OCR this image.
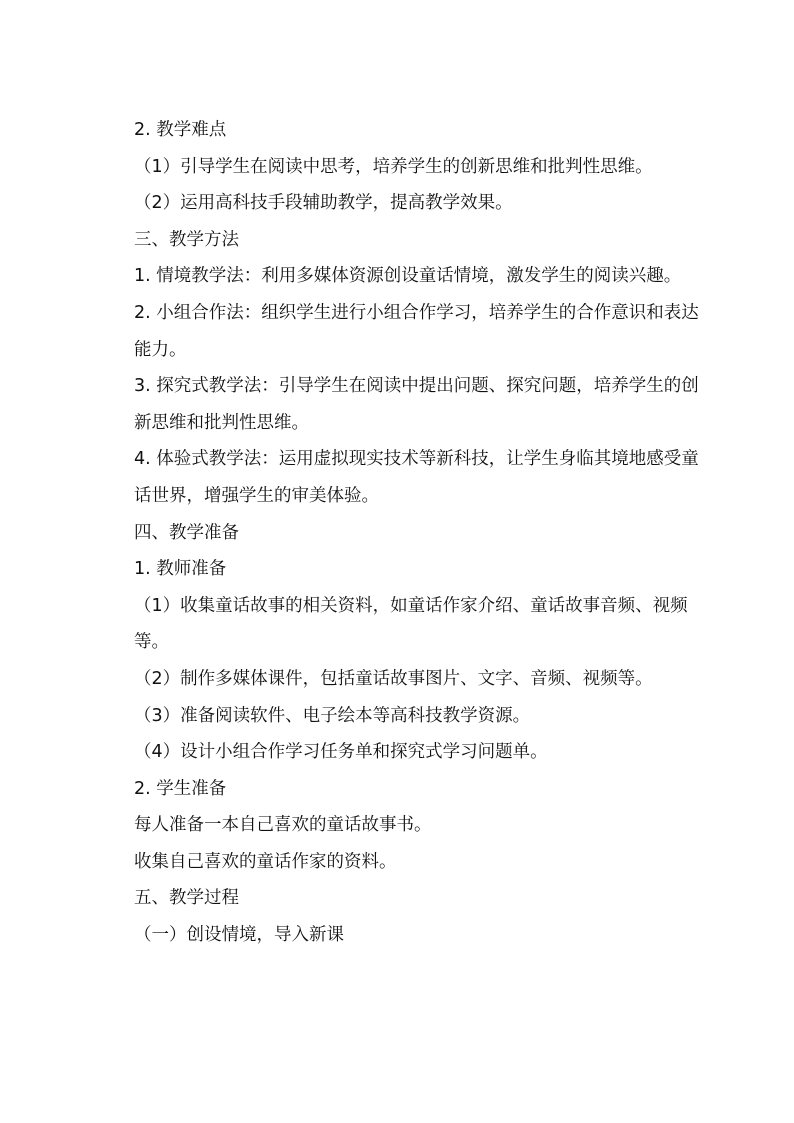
2. 教学难点

（1）引导学生在阅读中思考，培养学生的创新思维和批判性思维。

（2）运用高科技手段辅助教学，提高教学效果。

三、教学方法

1. 情境教学法：利用多媒体资源创设童话情境，激发学生的阅读兴趣。

2. 小组合作法：组织学生进行小组合作学习，培养学生的合作意识和表达能力。

3. 探究式教学法：引导学生在阅读中提出问题、探究问题，培养学生的创新思维和批判性思维。

4. 体验式教学法：运用虚拟现实技术等新科技，让学生身临其境地感受童话世界，增强学生的审美体验。

四、教学准备

1. 教师准备

（1）收集童话故事的相关资料，如童话作家介绍、童话故事音频、视频等。

（2）制作多媒体课件，包括童话故事图片、文字、音频、视频等。

（3）准备阅读软件、电子绘本等高科技教学资源。

（4）设计小组合作学习任务单和探究式学习问题单。

2. 学生准备

每人准备一本自己喜欢的童话故事书。

收集自己喜欢的童话作家的资料。

五、教学过程

（一）创设情境，导入新课
